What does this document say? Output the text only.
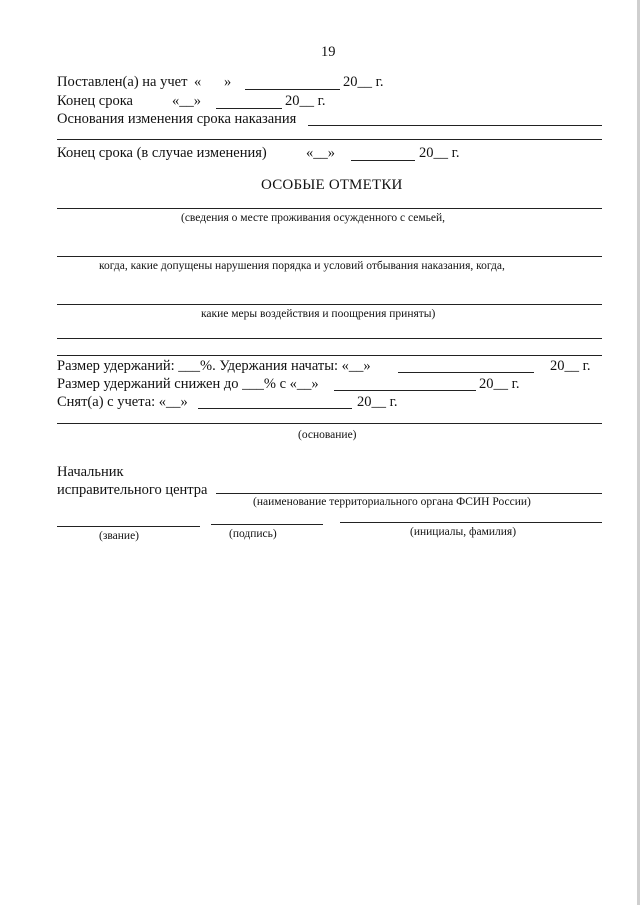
19
Поставлен(а) на учет « »	20__ г.
Конец срока	«__»	20__ г.
Основания изменения срока наказания
Конец срока (в случае изменения)	«__»	20__ г.
ОСОБЫЕ ОТМЕТКИ
(сведения о месте проживания осужденного с семьей,
когда, какие допущены нарушения порядка и условий отбывания наказания, когда,
какие меры воздействия и поощрения приняты)
Размер удержаний: ___%. Удержания начаты: «__»	20__ г.
Размер удержаний снижен до ___% с «__»	20__ г.
Снят(а) с учета: «__»	20__ г.
(основание)
Начальник
исправительного центра
(наименование территориального органа ФСИН России)
(звание)	(подпись)	(инициалы, фамилия)
